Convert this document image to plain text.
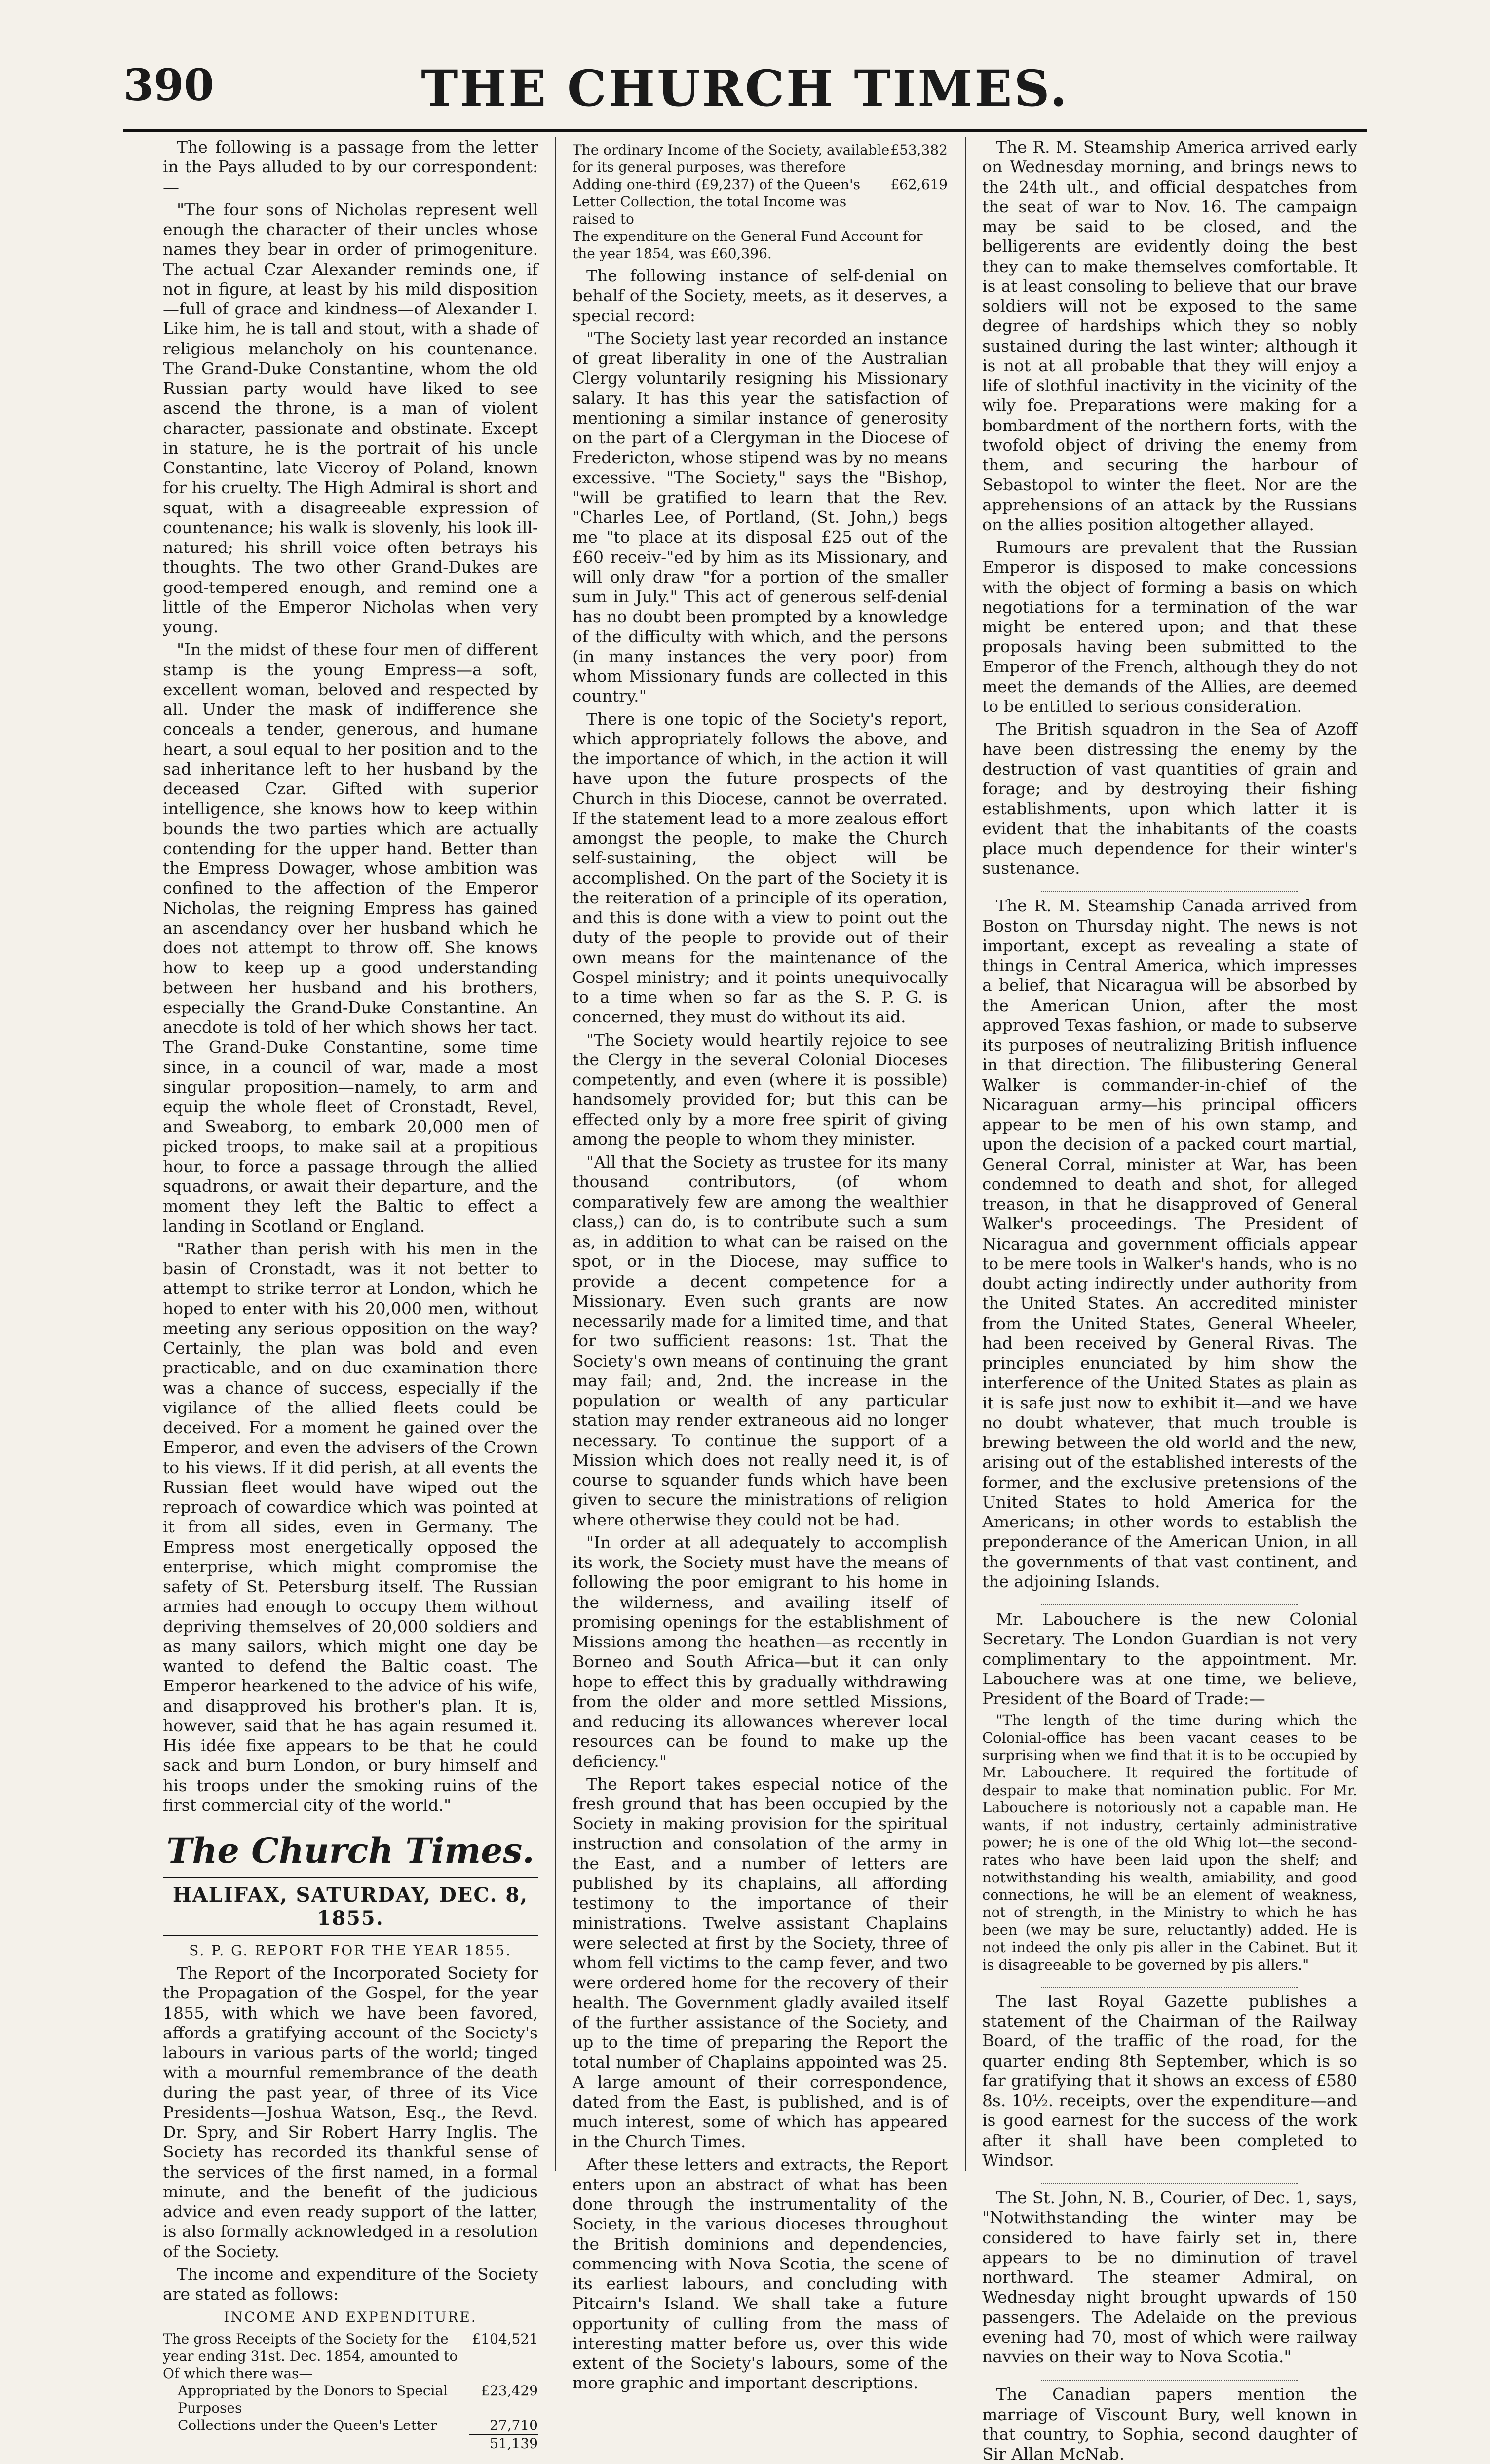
390	THE CHURCH TIMES.

The following is a passage from the letter in the Pays alluded to by our correspondent:—

"The four sons of Nicholas represent well enough the character of their uncles whose names they bear in order of primogeniture. The actual Czar Alexander reminds one, if not in figure, at least by his mild disposition—full of grace and kindness—of Alexander I. Like him, he is tall and stout, with a shade of religious melancholy on his countenance. The Grand-Duke Constantine, whom the old Russian party would have liked to see ascend the throne, is a man of violent character, passionate and obstinate. Except in stature, he is the portrait of his uncle Constantine, late Viceroy of Poland, known for his cruelty. The High Admiral is short and squat, with a disagreeable expression of countenance; his walk is slovenly, his look ill-natured; his shrill voice often betrays his thoughts. The two other Grand-Dukes are good-tempered enough, and remind one a little of the Emperor Nicholas when very young.

"In the midst of these four men of different stamp is the young Empress—a soft, excellent woman, beloved and respected by all. Under the mask of indifference she conceals a tender, generous, and humane heart, a soul equal to her position and to the sad inheritance left to her husband by the deceased Czar. Gifted with superior intelligence, she knows how to keep within bounds the two parties which are actually contending for the upper hand. Better than the Empress Dowager, whose ambition was confined to the affection of the Emperor Nicholas, the reigning Empress has gained an ascendancy over her husband which he does not attempt to throw off. She knows how to keep up a good understanding between her husband and his brothers, especially the Grand-Duke Constantine. An anecdote is told of her which shows her tact. The Grand-Duke Constantine, some time since, in a council of war, made a most singular proposition—namely, to arm and equip the whole fleet of Cronstadt, Revel, and Sweaborg, to embark 20,000 men of picked troops, to make sail at a propitious hour, to force a passage through the allied squadrons, or await their departure, and the moment they left the Baltic to effect a landing in Scotland or England.

"Rather than perish with his men in the basin of Cronstadt, was it not better to attempt to strike terror at London, which he hoped to enter with his 20,000 men, without meeting any serious opposition on the way? Certainly, the plan was bold and even practicable, and on due examination there was a chance of success, especially if the vigilance of the allied fleets could be deceived. For a moment he gained over the Emperor, and even the advisers of the Crown to his views. If it did perish, at all events the Russian fleet would have wiped out the reproach of cowardice which was pointed at it from all sides, even in Germany. The Empress most energetically opposed the enterprise, which might compromise the safety of St. Petersburg itself. The Russian armies had enough to occupy them without depriving themselves of 20,000 soldiers and as many sailors, which might one day be wanted to defend the Baltic coast. The Emperor hearkened to the advice of his wife, and disapproved his brother's plan. It is, however, said that he has again resumed it. His idée fixe appears to be that he could sack and burn London, or bury himself and his troops under the smoking ruins of the first commercial city of the world."

The Church Times.
HALIFAX, SATURDAY, DEC. 8, 1855.
S. P. G. REPORT FOR THE YEAR 1855.

The Report of the Incorporated Society for the Propagation of the Gospel, for the year 1855, with which we have been favored, affords a gratifying account of the Society's labours in various parts of the world; tinged with a mournful remembrance of the death during the past year, of three of its Vice Presidents—Joshua Watson, Esq., the Revd. Dr. Spry, and Sir Robert Harry Inglis. The Society has recorded its thankful sense of the services of the first named, in a formal minute, and the benefit of the judicious advice and even ready support of the latter, is also formally acknowledged in a resolution of the Society.

The income and expenditure of the Society are stated as follows:

INCOME AND EXPENDITURE.
The gross Receipts of the Society for the year ending 31st. Dec. 1854, amounted to
£104,521
Of which there was—
Appropriated by the Donors to Special Purposes
£23,429
Collections under the Queen's Letter	27,710
51,139
The ordinary Income of the Society, available for its general purposes, was therefore
£53,382
Adding one-third (£9,237) of the Queen's Letter Collection, the total Income was raised to
£62,619
The expenditure on the General Fund Account for the year 1854, was £60,396.

The following instance of self-denial on behalf of the Society, meets, as it deserves, a special record:

"The Society last year recorded an instance of great liberality in one of the Australian Clergy voluntarily resigning his Missionary salary. It has this year the satisfaction of mentioning a similar instance of generosity on the part of a Clergyman in the Diocese of Fredericton, whose stipend was by no means excessive. "The Society," says the "Bishop, "will be gratified to learn that the Rev. "Charles Lee, of Portland, (St. John,) begs me "to place at its disposal £25 out of the £60 receiv-"ed by him as its Missionary, and will only draw "for a portion of the smaller sum in July." This act of generous self-denial has no doubt been prompted by a knowledge of the difficulty with which, and the persons (in many instances the very poor) from whom Missionary funds are collected in this country."

There is one topic of the Society's report, which appropriately follows the above, and the importance of which, in the action it will have upon the future prospects of the Church in this Diocese, cannot be overrated. If the statement lead to a more zealous effort amongst the people, to make the Church self-sustaining, the object will be accomplished. On the part of the Society it is the reiteration of a principle of its operation, and this is done with a view to point out the duty of the people to provide out of their own means for the maintenance of the Gospel ministry; and it points unequivocally to a time when so far as the S. P. G. is concerned, they must do without its aid.

"The Society would heartily rejoice to see the Clergy in the several Colonial Dioceses competently, and even (where it is possible) handsomely provided for; but this can be effected only by a more free spirit of giving among the people to whom they minister.

"All that the Society as trustee for its many thousand contributors, (of whom comparatively few are among the wealthier class,) can do, is to contribute such a sum as, in addition to what can be raised on the spot, or in the Diocese, may suffice to provide a decent competence for a Missionary. Even such grants are now necessarily made for a limited time, and that for two sufficient reasons: 1st. That the Society's own means of continuing the grant may fail; and, 2nd. the increase in the population or wealth of any particular station may render extraneous aid no longer necessary. To continue the support of a Mission which does not really need it, is of course to squander funds which have been given to secure the ministrations of religion where otherwise they could not be had.

"In order at all adequately to accomplish its work, the Society must have the means of following the poor emigrant to his home in the wilderness, and availing itself of promising openings for the establishment of Missions among the heathen—as recently in Borneo and South Africa—but it can only hope to effect this by gradually withdrawing from the older and more settled Missions, and reducing its allowances wherever local resources can be found to make up the deficiency."

The Report takes especial notice of the fresh ground that has been occupied by the Society in making provision for the spiritual instruction and consolation of the army in the East, and a number of letters are published by its chaplains, all affording testimony to the importance of their ministrations. Twelve assistant Chaplains were selected at first by the Society, three of whom fell victims to the camp fever, and two were ordered home for the recovery of their health. The Government gladly availed itself of the further assistance of the Society, and up to the time of preparing the Report the total number of Chaplains appointed was 25. A large amount of their correspondence, dated from the East, is published, and is of much interest, some of which has appeared in the Church Times.

After these letters and extracts, the Report enters upon an abstract of what has been done through the instrumentality of the Society, in the various dioceses throughout the British dominions and dependencies, commencing with Nova Scotia, the scene of its earliest labours, and concluding with Pitcairn's Island. We shall take a future opportunity of culling from the mass of interesting matter before us, over this wide extent of the Society's labours, some of the more graphic and important descriptions.

The R. M. Steamship America arrived early on Wednesday morning, and brings news to the 24th ult., and official despatches from the seat of war to Nov. 16. The campaign may be said to be closed, and the belligerents are evidently doing the best they can to make themselves comfortable. It is at least consoling to believe that our brave soldiers will not be exposed to the same degree of hardships which they so nobly sustained during the last winter; although it is not at all probable that they will enjoy a life of slothful inactivity in the vicinity of the wily foe. Preparations were making for a bombardment of the northern forts, with the twofold object of driving the enemy from them, and securing the harbour of Sebastopol to winter the fleet. Nor are the apprehensions of an attack by the Russians on the allies position altogether allayed.

Rumours are prevalent that the Russian Emperor is disposed to make concessions with the object of forming a basis on which negotiations for a termination of the war might be entered upon; and that these proposals having been submitted to the Emperor of the French, although they do not meet the demands of the Allies, are deemed to be entitled to serious consideration.

The British squadron in the Sea of Azoff have been distressing the enemy by the destruction of vast quantities of grain and forage; and by destroying their fishing establishments, upon which latter it is evident that the inhabitants of the coasts place much dependence for their winter's sustenance.

The R. M. Steamship Canada arrived from Boston on Thursday night. The news is not important, except as revealing a state of things in Central America, which impresses a belief, that Nicaragua will be absorbed by the American Union, after the most approved Texas fashion, or made to subserve its purposes of neutralizing British influence in that direction. The filibustering General Walker is commander-in-chief of the Nicaraguan army—his principal officers appear to be men of his own stamp, and upon the decision of a packed court martial, General Corral, minister at War, has been condemned to death and shot, for alleged treason, in that he disapproved of General Walker's proceedings. The President of Nicaragua and government officials appear to be mere tools in Walker's hands, who is no doubt acting indirectly under authority from the United States. An accredited minister from the United States, General Wheeler, had been received by General Rivas. The principles enunciated by him show the interference of the United States as plain as it is safe just now to exhibit it—and we have no doubt whatever, that much trouble is brewing between the old world and the new, arising out of the established interests of the former, and the exclusive pretensions of the United States to hold America for the Americans; in other words to establish the preponderance of the American Union, in all the governments of that vast continent, and the adjoining Islands.

Mr. Labouchere is the new Colonial Secretary. The London Guardian is not very complimentary to the appointment. Mr. Labouchere was at one time, we believe, President of the Board of Trade:—

"The length of the time during which the Colonial-office has been vacant ceases to be surprising when we find that it is to be occupied by Mr. Labouchere. It required the fortitude of despair to make that nomination public. For Mr. Labouchere is notoriously not a capable man. He wants, if not industry, certainly administrative power; he is one of the old Whig lot—the second-rates who have been laid upon the shelf; and notwithstanding his wealth, amiability, and good connections, he will be an element of weakness, not of strength, in the Ministry to which he has been (we may be sure, reluctantly) added. He is not indeed the only pis aller in the Cabinet. But it is disagreeable to be governed by pis allers."

The last Royal Gazette publishes a statement of the Chairman of the Railway Board, of the traffic of the road, for the quarter ending 8th September, which is so far gratifying that it shows an excess of £580 8s. 10½. receipts, over the expenditure—and is good earnest for the success of the work after it shall have been completed to Windsor.

The St. John, N. B., Courier, of Dec. 1, says, "Notwithstanding the winter may be considered to have fairly set in, there appears to be no diminution of travel northward. The steamer Admiral, on Wednesday night brought upwards of 150 passengers. The Adelaide on the previous evening had 70, most of which were railway navvies on their way to Nova Scotia."

The Canadian papers mention the marriage of Viscount Bury, well known in that country, to Sophia, second daughter of Sir Allan McNab.
